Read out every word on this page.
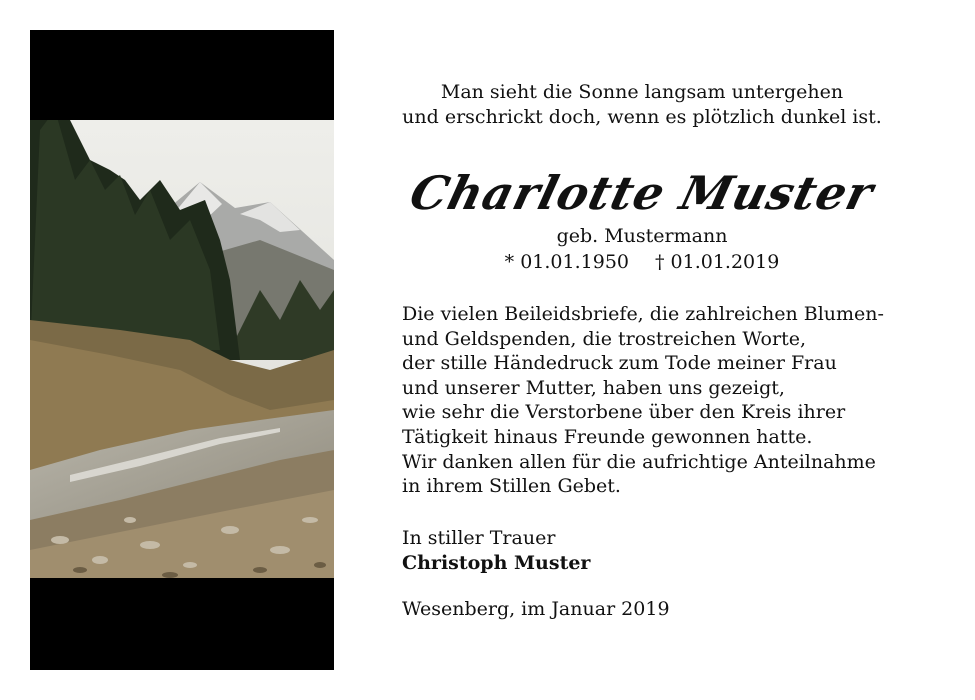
Man sieht die Sonne langsam untergehen
und erschrickt doch, wenn es plötzlich dunkel ist.
Charlotte Muster
geb. Mustermann
* 01.01.1950 † 01.01.2019
Die vielen Beileidsbriefe, die zahlreichen Blumen-
und Geldspenden, die trostreichen Worte,
der stille Händedruck zum Tode meiner Frau
und unserer Mutter, haben uns gezeigt,
wie sehr die Verstorbene über den Kreis ihrer
Tätigkeit hinaus Freunde gewonnen hatte.
Wir danken allen für die aufrichtige Anteilnahme
in ihrem Stillen Gebet.
In stiller Trauer
Christoph Muster
Wesenberg, im Januar 2019
